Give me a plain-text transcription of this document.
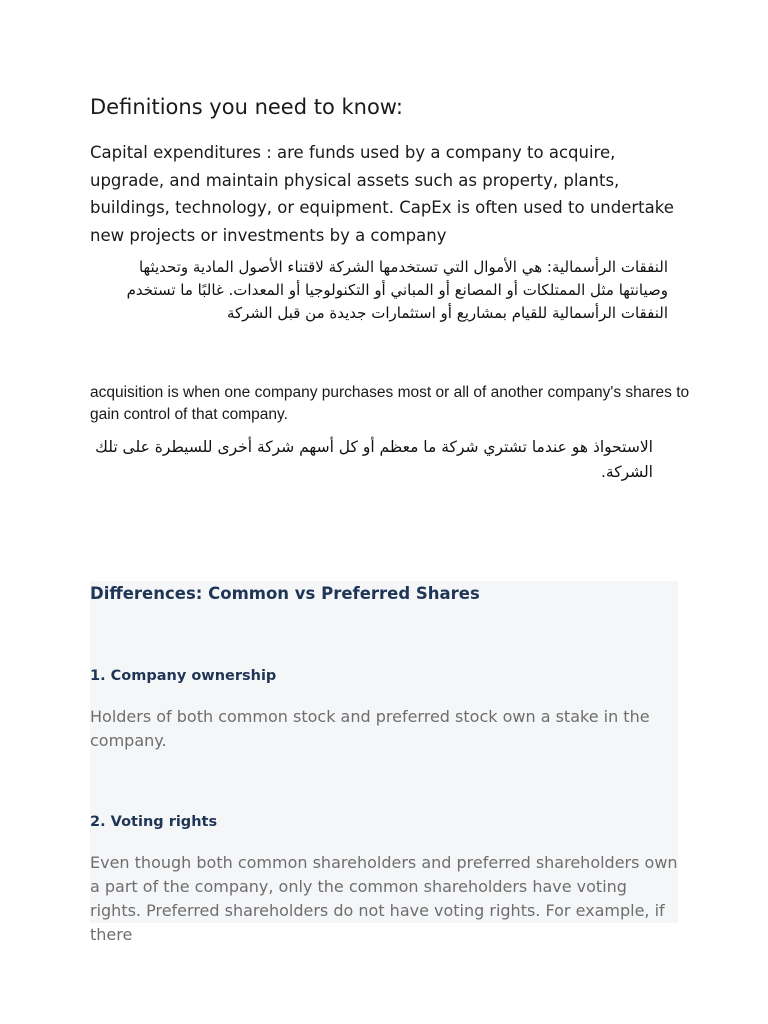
Definitions you need to know:

Capital expenditures : are funds used by a company to acquire, upgrade, and maintain physical assets such as property, plants, buildings, technology, or equipment. CapEx is often used to undertake new projects or investments by a company

النفقات الرأسمالية: هي الأموال التي تستخدمها الشركة لاقتناء الأصول المادية وتحديثها وصيانتها مثل الممتلكات أو المصانع أو المباني أو التكنولوجيا أو المعدات. غالبًا ما تستخدم النفقات الرأسمالية للقيام بمشاريع أو استثمارات جديدة من قبل الشركة

acquisition is when one company purchases most or all of another company's shares to gain control of that company.

الاستحواذ هو عندما تشتري شركة ما معظم أو كل أسهم شركة أخرى للسيطرة على تلك الشركة.

Differences: Common vs Preferred Shares
1. Company ownership

Holders of both common stock and preferred stock own a stake in the company.

2. Voting rights

Even though both common shareholders and preferred shareholders own a part of the company, only the common shareholders have voting rights. Preferred shareholders do not have voting rights. For example, if there
